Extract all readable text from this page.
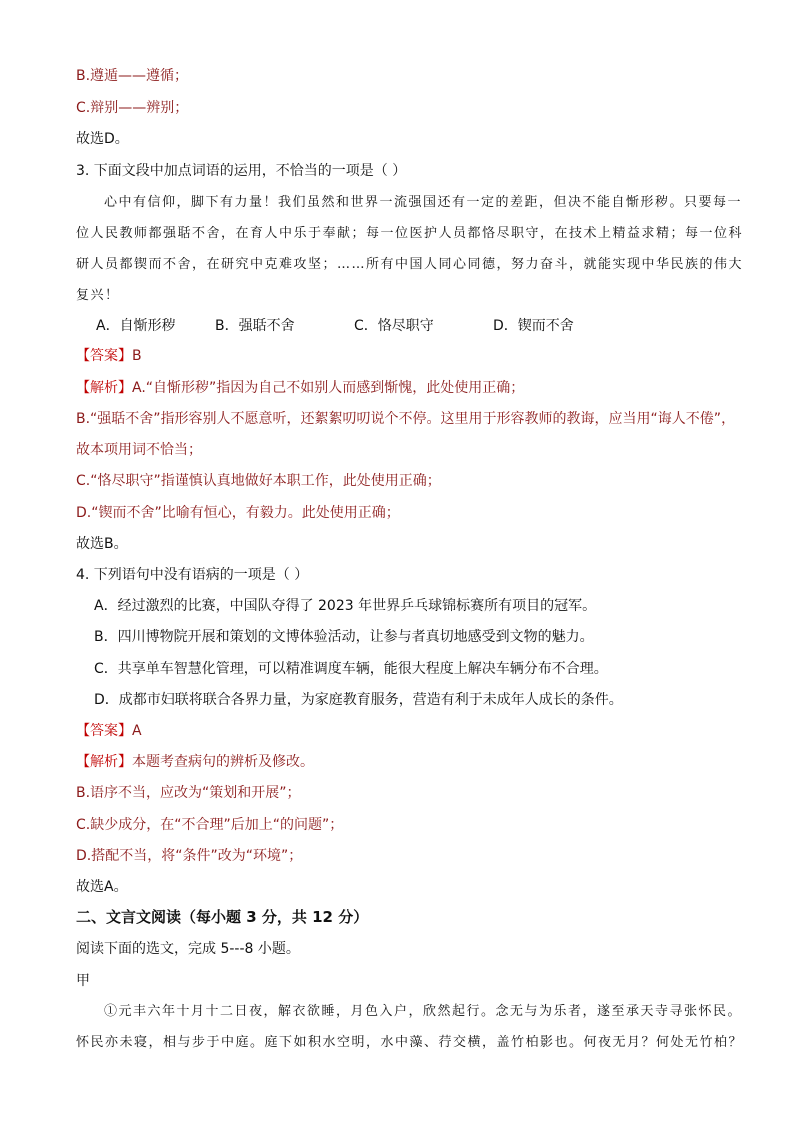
B.遵遁——遵循；
C.辩别——辨别；
故选D。
3. 下面文段中加点词语的运用，不恰当的一项是（ ）
心中有信仰，脚下有力量！我们虽然和世界一流强国还有一定的差距，但决不能自惭形秽。只要每一
位人民教师都强聒不舍，在育人中乐于奉献；每一位医护人员都恪尽职守，在技术上精益求精；每一位科
研人员都锲而不舍，在研究中克难攻坚；……所有中国人同心同德，努力奋斗，就能实现中华民族的伟大
复兴！
A．自惭形秽	B．强聒不舍	C．恪尽职守	D．锲而不舍
【答案】B
【解析】A.“自惭形秽”指因为自己不如别人而感到惭愧，此处使用正确；
B.“强聒不舍”指形容别人不愿意听，还絮絮叨叨说个不停。这里用于形容教师的教诲，应当用“诲人不倦”，
故本项用词不恰当；
C.“恪尽职守”指谨慎认真地做好本职工作，此处使用正确；
D.“锲而不舍”比喻有恒心，有毅力。此处使用正确；
故选B。
4. 下列语句中没有语病的一项是（ ）
A．经过激烈的比赛，中国队夺得了 2023 年世界乒乓球锦标赛所有项目的冠军。
B．四川博物院开展和策划的文博体验活动，让参与者真切地感受到文物的魅力。
C．共享单车智慧化管理，可以精准调度车辆，能很大程度上解决车辆分布不合理。
D．成都市妇联将联合各界力量，为家庭教育服务，营造有利于未成年人成长的条件。
【答案】A
【解析】本题考查病句的辨析及修改。
B.语序不当，应改为“策划和开展”；
C.缺少成分，在“不合理”后加上“的问题”；
D.搭配不当，将“条件”改为“环境”；
故选A。
二、文言文阅读（每小题 3 分，共 12 分）
阅读下面的选文，完成 5---8 小题。
甲
①元丰六年十月十二日夜，解衣欲睡，月色入户，欣然起行。念无与为乐者，遂至承天寺寻张怀民。
怀民亦未寝，相与步于中庭。庭下如积水空明，水中藻、荇交横，盖竹柏影也。何夜无月？何处无竹柏？
